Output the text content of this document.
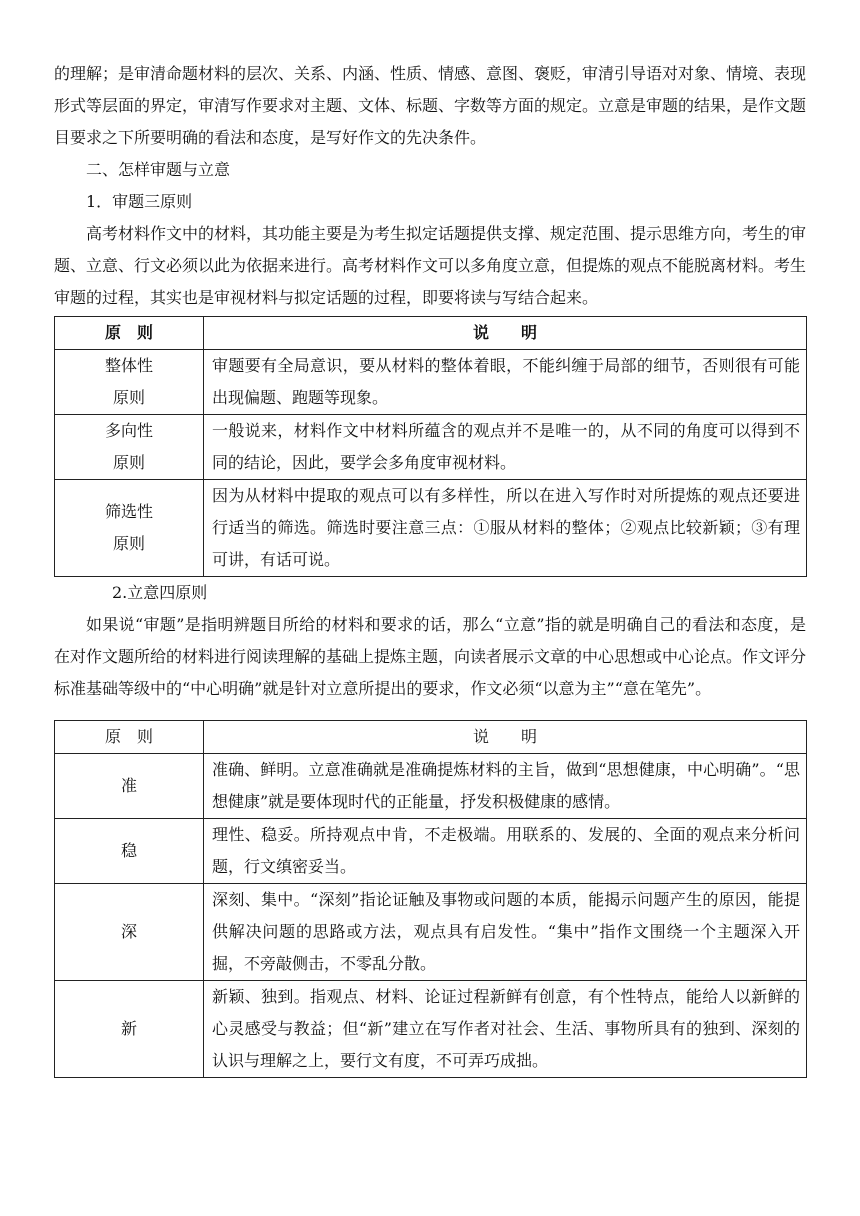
的理解；是审清命题材料的层次、关系、内涵、性质、情感、意图、褒贬，审清引导语对对象、情境、表现形式等层面的界定，审清写作要求对主题、文体、标题、字数等方面的规定。立意是审题的结果，是作文题目要求之下所要明确的看法和态度，是写好作文的先决条件。

二、怎样审题与立意

1．审题三原则

高考材料作文中的材料，其功能主要是为考生拟定话题提供支撑、规定范围、提示思维方向，考生的审题、立意、行文必须以此为依据来进行。高考材料作文可以多角度立意，但提炼的观点不能脱离材料。考生审题的过程，其实也是审视材料与拟定话题的过程，即要将读与写结合起来。

原　则	说　　明

整体性
原则	审题要有全局意识，要从材料的整体着眼，不能纠缠于局部的细节，否则很有可能出现偏题、跑题等现象。

多向性
原则	一般说来，材料作文中材料所蕴含的观点并不是唯一的，从不同的角度可以得到不同的结论，因此，要学会多角度审视材料。

筛选性
原则	因为从材料中提取的观点可以有多样性，所以在进入写作时对所提炼的观点还要进行适当的筛选。筛选时要注意三点：①服从材料的整体；②观点比较新颖；③有理可讲，有话可说。

2.立意四原则

如果说“审题”是指明辨题目所给的材料和要求的话，那么“立意”指的就是明确自己的看法和态度，是在对作文题所给的材料进行阅读理解的基础上提炼主题，向读者展示文章的中心思想或中心论点。作文评分标准基础等级中的“中心明确”就是针对立意所提出的要求，作文必须“以意为主”“意在笔先”。

原　则	说　　明
准	准确、鲜明。立意准确就是准确提炼材料的主旨，做到“思想健康，中心明确”。“思想健康”就是要体现时代的正能量，抒发积极健康的感情。
稳	理性、稳妥。所持观点中肯，不走极端。用联系的、发展的、全面的观点来分析问题，行文缜密妥当。
深	深刻、集中。“深刻”指论证触及事物或问题的本质，能揭示问题产生的原因，能提供解决问题的思路或方法，观点具有启发性。“集中”指作文围绕一个主题深入开掘，不旁敲侧击，不零乱分散。
新	新颖、独到。指观点、材料、论证过程新鲜有创意，有个性特点，能给人以新鲜的心灵感受与教益；但“新”建立在写作者对社会、生活、事物所具有的独到、深刻的认识与理解之上，要行文有度，不可弄巧成拙。
